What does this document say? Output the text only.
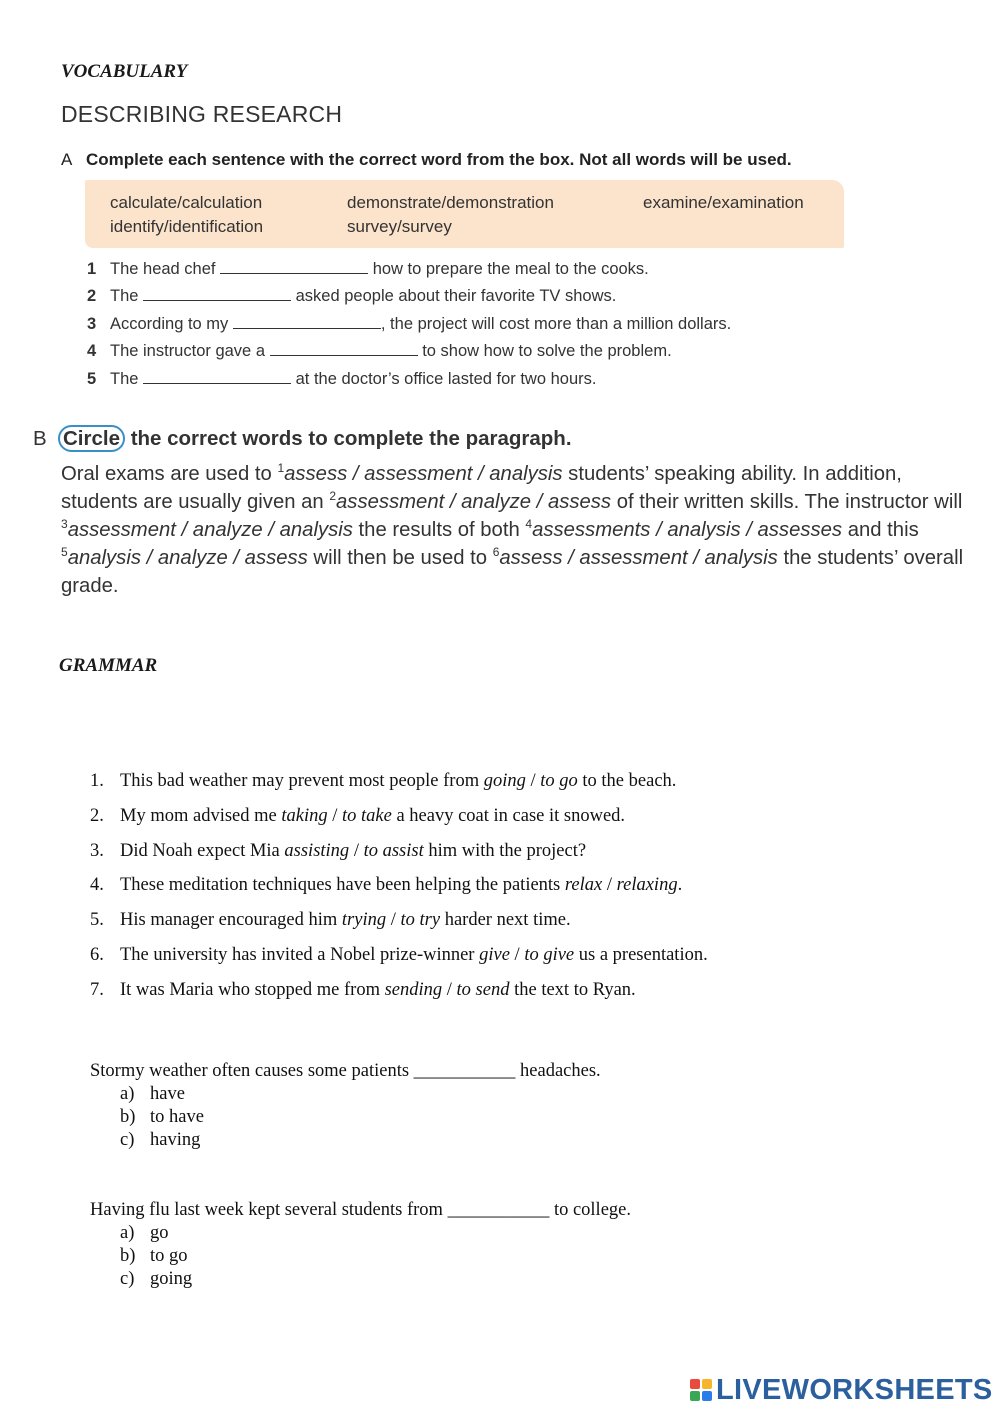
VOCABULARY
DESCRIBING RESEARCH
A Complete each sentence with the correct word from the box. Not all words will be used.
calculate/calculation	demonstrate/demonstration	examine/examination
identify/identification	survey/survey
1 The head chef	how to prepare the meal to the cooks.
2 The	asked people about their favorite TV shows.
3 According to my	, the project will cost more than a million dollars.
4 The instructor gave a	to show how to solve the problem.
5 The	at the doctor’s office lasted for two hours.
B Circle the correct words to complete the paragraph.
Oral exams are used to $^1$assess / assessment / analysis students’ speaking ability. In addition, students are usually given an $^2$assessment / analyze / assess of their written skills. The instructor will $^3$assessment / analyze / analysis the results of both $^4$assessments / analysis / assesses and this
$^5$analysis / analyze / assess will then be used to $^6$assess / assessment / analysis the students’ overall grade.
GRAMMAR
1. This bad weather may prevent most people from going / to go to the beach.
2. My mom advised me taking / to take a heavy coat in case it snowed.
3. Did Noah expect Mia assisting / to assist him with the project?
4. These meditation techniques have been helping the patients relax / relaxing.
5. His manager encouraged him trying / to try harder next time.
6. The university has invited a Nobel prize-winner give / to give us a presentation.
7. It was Maria who stopped me from sending / to send the text to Ryan.
Stormy weather often causes some patients ___________ headaches.
a) have
b) to have
c) having
Having flu last week kept several students from ___________ to college.
a) go
b) to go
c) going
LIVEWORKSHEETS
